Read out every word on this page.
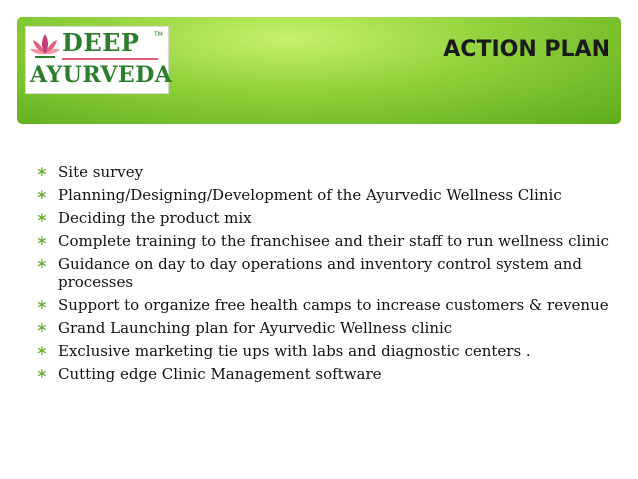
DEEP TM
AYURVEDA
ACTION PLAN
∗ Site survey
∗ Planning/Designing/Development of the Ayurvedic Wellness Clinic
∗ Deciding the product mix
∗ Complete training to the franchisee and their staff to run wellness clinic
∗ Guidance on day to day operations and inventory control system and processes
∗ Support to organize free health camps to increase customers & revenue
∗ Grand Launching plan for Ayurvedic Wellness clinic
∗ Exclusive marketing tie ups with labs and diagnostic centers .
∗ Cutting edge Clinic Management software
